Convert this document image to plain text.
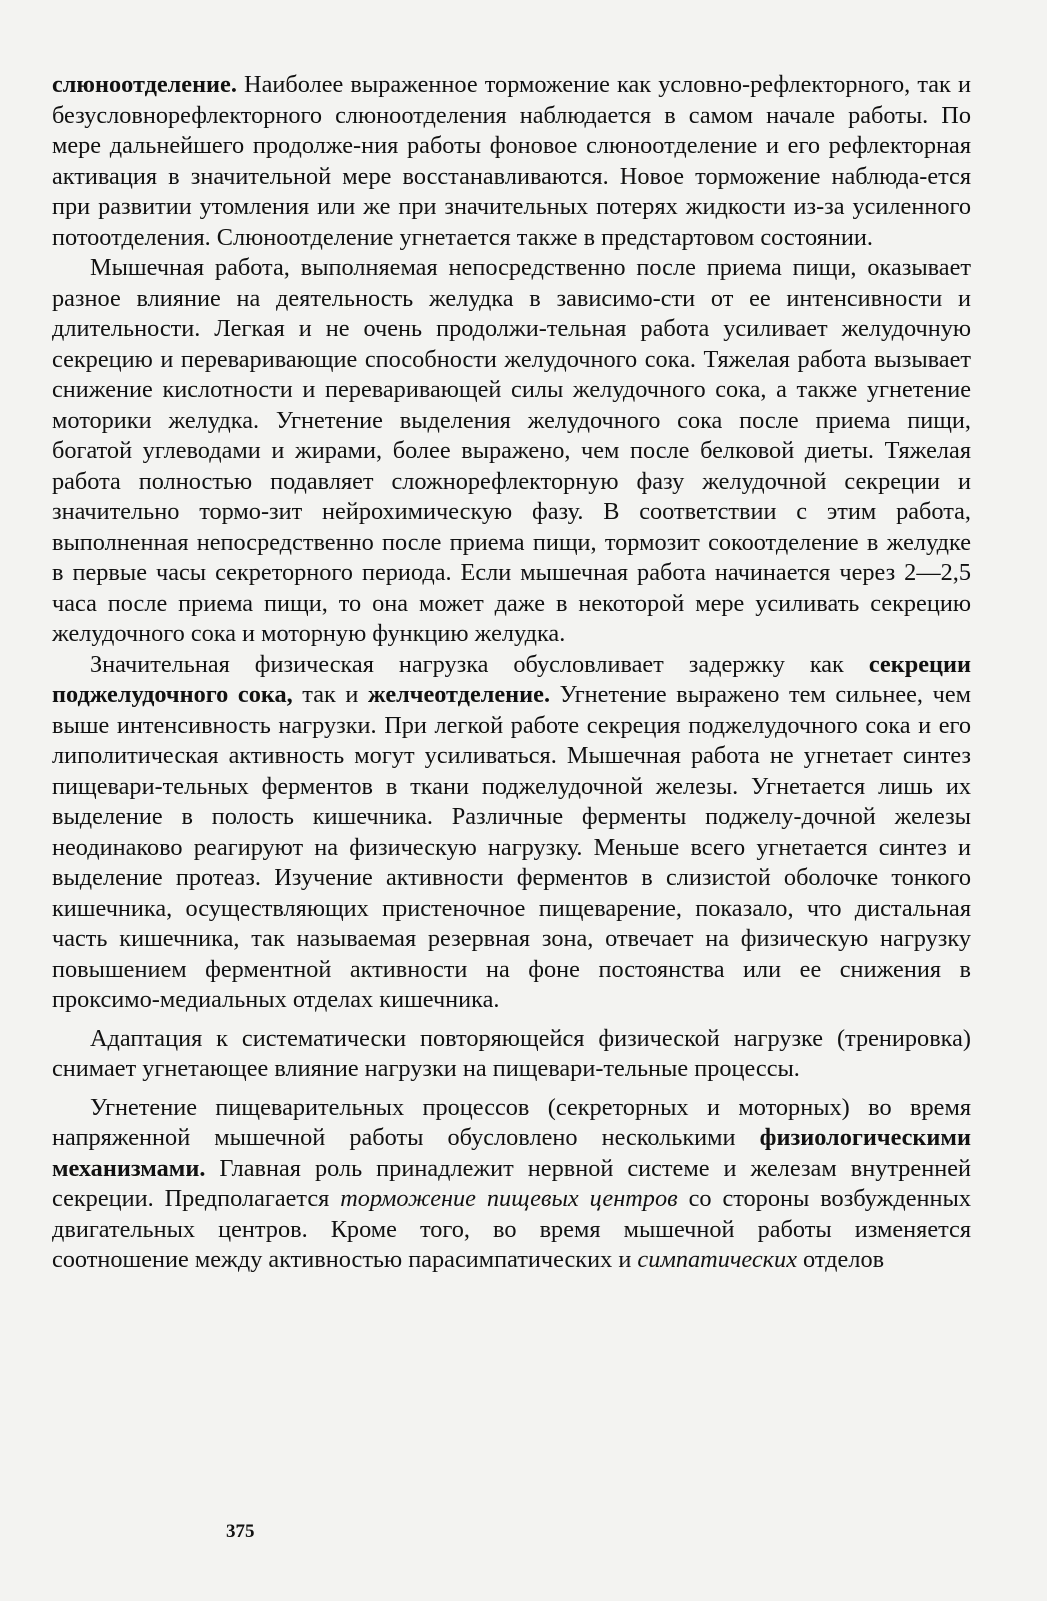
слюноотделение. Наиболее выраженное торможение как условно-рефлекторного, так и безусловнорефлекторного слюноотделения наблюдается в самом начале работы. По мере дальнейшего продолже-ния работы фоновое слюноотделение и его рефлекторная активация в значительной мере восстанавливаются. Новое торможение наблюда-ется при развитии утомления или же при значительных потерях жидкости из-за усиленного потоотделения. Слюноотделение угнетается также в предстартовом состоянии.

Мышечная работа, выполняемая непосредственно после приема пищи, оказывает разное влияние на деятельность желудка в зависимо-сти от ее интенсивности и длительности. Легкая и не очень продолжи-тельная работа усиливает желудочную секрецию и переваривающие способности желудочного сока. Тяжелая работа вызывает снижение кислотности и переваривающей силы желудочного сока, а также угнетение моторики желудка. Угнетение выделения желудочного сока после приема пищи, богатой углеводами и жирами, более выражено, чем после белковой диеты. Тяжелая работа полностью подавляет сложнорефлекторную фазу желудочной секреции и значительно тормо-зит нейрохимическую фазу. В соответствии с этим работа, выполненная непосредственно после приема пищи, тормозит сокоотделение в желудке в первые часы секреторного периода. Если мышечная работа начинается через 2—2,5 часа после приема пищи, то она может даже в некоторой мере усиливать секрецию желудочного сока и моторную функцию желудка.

Значительная физическая нагрузка обусловливает задержку как секреции поджелудочного сока, так и желчеотделение. Угнетение выражено тем сильнее, чем выше интенсивность нагрузки. При легкой работе секреция поджелудочного сока и его липолитическая активность могут усиливаться. Мышечная работа не угнетает синтез пищевари-тельных ферментов в ткани поджелудочной железы. Угнетается лишь их выделение в полость кишечника. Различные ферменты поджелу-дочной железы неодинаково реагируют на физическую нагрузку. Меньше всего угнетается синтез и выделение протеаз. Изучение активности ферментов в слизистой оболочке тонкого кишечника, осуществляющих пристеночное пищеварение, показало, что дистальная часть кишечника, так называемая резервная зона, отвечает на физическую нагрузку повышением ферментной активности на фоне постоянства или ее снижения в проксимо-медиальных отделах кишечника.

Адаптация к систематически повторяющейся физической нагрузке (тренировка) снимает угнетающее влияние нагрузки на пищевари-тельные процессы.

Угнетение пищеварительных процессов (секреторных и моторных) во время напряженной мышечной работы обусловлено несколькими физиологическими механизмами. Главная роль принадлежит нервной системе и железам внутренней секреции. Предполагается торможение пищевых центров со стороны возбужденных двигательных центров. Кроме того, во время мышечной работы изменяется соотношение между активностью парасимпатических и симпатических отделов

375
